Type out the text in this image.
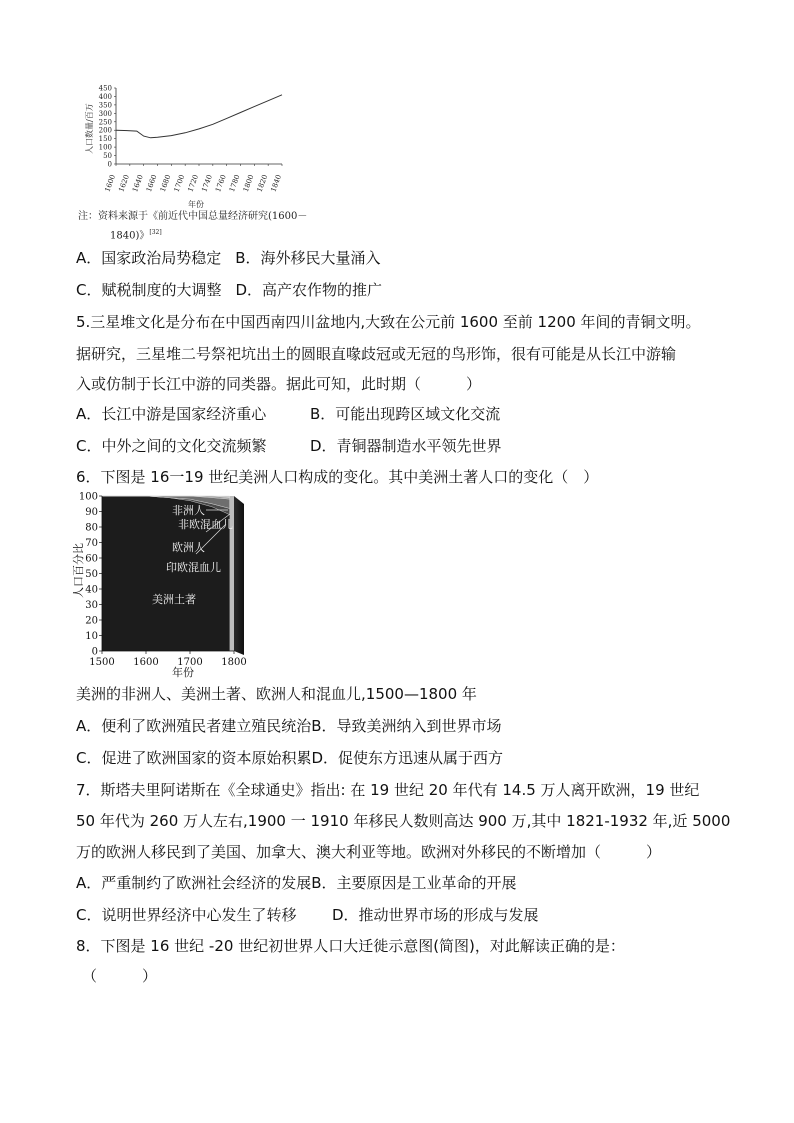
0
50
100
150
200
250
300
350
400
450
1600 1620 1640 1660 1680 1700 1720 1740 1760 1780 1800 1820 1840
人口数量/百万
年份
注：资料来源于《前近代中国总量经济研究(1600－
1840)》[32]
A．国家政治局势稳定 B．海外移民大量涌入
C．赋税制度的大调整 D．高产农作物的推广
5.三星堆文化是分布在中国西南四川盆地内,大致在公元前 1600 至前 1200 年间的青铜文明。
据研究，三星堆二号祭祀坑出土的圆眼直喙歧冠或无冠的鸟形饰，很有可能是从长江中游输
入或仿制于长江中游的同类器。据此可知，此时期（　　　）
A．长江中游是国家经济重心	B．可能出现跨区域文化交流
C．中外之间的文化交流频繁	D．青铜器制造水平领先世界
6．下图是 16一19 世纪美洲人口构成的变化。其中美洲土著人口的变化（　）
0
10
20
30
40
50
60
70
80
90
100
1500 1600 1700 1800
非洲人
非欧混血儿
欧洲人
印欧混血儿
美洲土著
人口百分比
年份
美洲的非洲人、美洲土著、欧洲人和混血儿,1500—1800 年
A．便利了欧洲殖民者建立殖民统治B．导致美洲纳入到世界市场
C．促进了欧洲国家的资本原始积累D．促使东方迅速从属于西方
7．斯塔夫里阿诺斯在《全球通史》指出: 在 19 世纪 20 年代有 14.5 万人离开欧洲，19 世纪
50 年代为 260 万人左右,1900 一 1910 年移民人数则高达 900 万,其中 1821-1932 年,近 5000
万的欧洲人移民到了美国、加拿大、澳大利亚等地。欧洲对外移民的不断增加（　　　）
A．严重制约了欧洲社会经济的发展B．主要原因是工业革命的开展
C．说明世界经济中心发生了转移 D．推动世界市场的形成与发展
8．下图是 16 世纪 -20 世纪初世界人口大迁徙示意图(简图)，对此解读正确的是：
（　　　）
